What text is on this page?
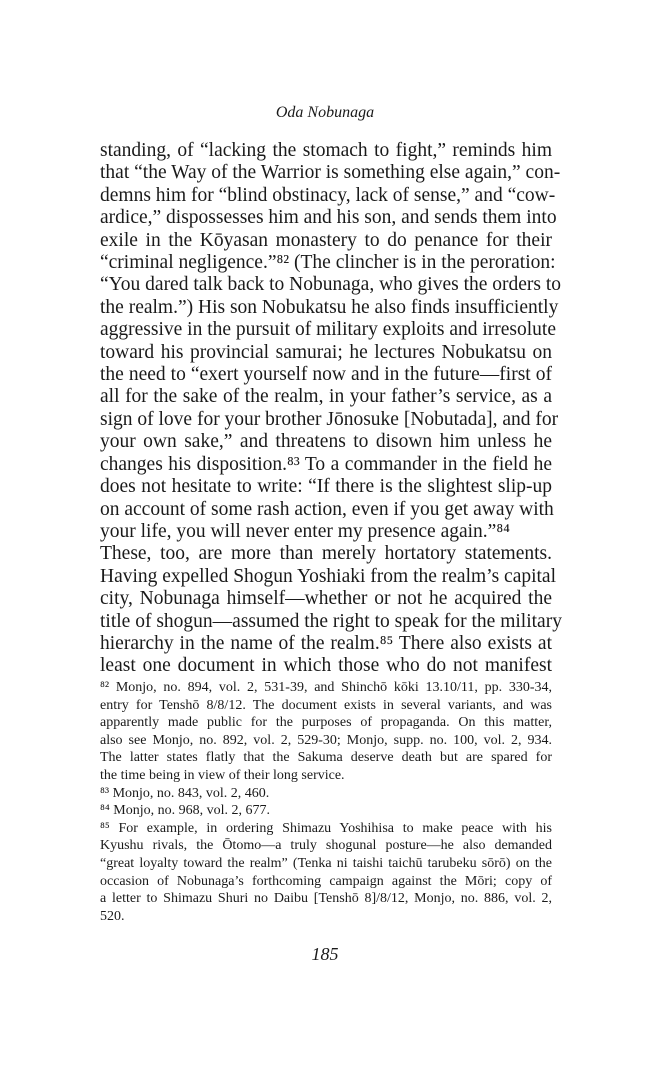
Oda Nobunaga
standing, of “lacking the stomach to fight,” reminds him
that “the Way of the Warrior is something else again,” con-
demns him for “blind obstinacy, lack of sense,” and “cow-
ardice,” dispossesses him and his son, and sends them into
exile in the Kōyasan monastery to do penance for their
“criminal negligence.”⁸² (The clincher is in the peroration:
“You dared talk back to Nobunaga, who gives the orders to
the realm.”) His son Nobukatsu he also finds insufficiently
aggressive in the pursuit of military exploits and irresolute
toward his provincial samurai; he lectures Nobukatsu on
the need to “exert yourself now and in the future—first of
all for the sake of the realm, in your father’s service, as a
sign of love for your brother Jōnosuke [Nobutada], and for
your own sake,” and threatens to disown him unless he
changes his disposition.⁸³ To a commander in the field he
does not hesitate to write: “If there is the slightest slip-up
on account of some rash action, even if you get away with
your life, you will never enter my presence again.”⁸⁴
These, too, are more than merely hortatory statements.
Having expelled Shogun Yoshiaki from the realm’s capital
city, Nobunaga himself—whether or not he acquired the
title of shogun—assumed the right to speak for the military
hierarchy in the name of the realm.⁸⁵ There also exists at
least one document in which those who do not manifest
⁸² Monjo, no. 894, vol. 2, 531-39, and Shinchō kōki 13.10/11, pp. 330-34,
entry for Tenshō 8/8/12. The document exists in several variants, and was
apparently made public for the purposes of propaganda. On this matter,
also see Monjo, no. 892, vol. 2, 529-30; Monjo, supp. no. 100, vol. 2, 934.
The latter states flatly that the Sakuma deserve death but are spared for
the time being in view of their long service.
⁸³ Monjo, no. 843, vol. 2, 460.
⁸⁴ Monjo, no. 968, vol. 2, 677.
⁸⁵ For example, in ordering Shimazu Yoshihisa to make peace with his
Kyushu rivals, the Ōtomo—a truly shogunal posture—he also demanded
“great loyalty toward the realm” (Tenka ni taishi taichū tarubeku sōrō) on the
occasion of Nobunaga’s forthcoming campaign against the Mōri; copy of
a letter to Shimazu Shuri no Daibu [Tenshō 8]/8/12, Monjo, no. 886, vol. 2,
520.
185
